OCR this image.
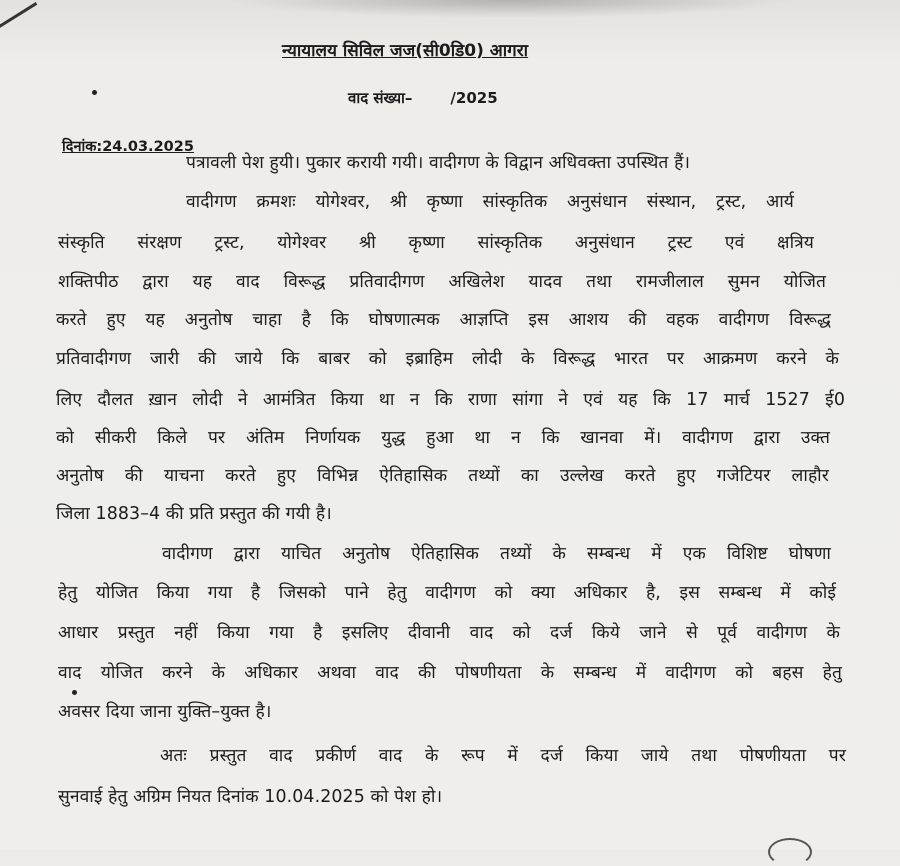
न्यायालय सिविल जज(सी0डि0) आगरा
वाद संख्या–	/2025
दिनांक:24.03.2025
पत्रावली पेश हुयी। पुकार करायी गयी। वादीगण के विद्वान अधिवक्ता उपस्थित हैं।
वादीगण क्रमशः योगेश्वर, श्री कृष्णा सांस्कृतिक अनुसंधान संस्थान, ट्रस्ट, आर्य
संस्कृति संरक्षण ट्रस्ट, योगेश्वर श्री कृष्णा सांस्कृतिक अनुसंधान ट्रस्ट एवं क्षत्रिय
शक्तिपीठ द्वारा यह वाद विरूद्ध प्रतिवादीगण अखिलेश यादव तथा रामजीलाल सुमन योजित
करते हुए यह अनुतोष चाहा है कि घोषणात्मक आज्ञप्ति इस आशय की वहक वादीगण विरूद्ध
प्रतिवादीगण जारी की जाये कि बाबर को इब्राहिम लोदी के विरूद्ध भारत पर आक्रमण करने के
लिए दौलत ख़ान लोदी ने आमंत्रित किया था न कि राणा सांगा ने एवं यह कि 17 मार्च 1527 ई0
को सीकरी किले पर अंतिम निर्णायक युद्ध हुआ था न कि खानवा में। वादीगण द्वारा उक्त
अनुतोष की याचना करते हुए विभिन्न ऐतिहासिक तथ्यों का उल्लेख करते हुए गजेटियर लाहौर
जिला 1883–4 की प्रति प्रस्तुत की गयी है।
वादीगण द्वारा याचित अनुतोष ऐतिहासिक तथ्यों के सम्बन्ध में एक विशिष्ट घोषणा
हेतु योजित किया गया है जिसको पाने हेतु वादीगण को क्या अधिकार है, इस सम्बन्ध में कोई
आधार प्रस्तुत नहीं किया गया है इसलिए दीवानी वाद को दर्ज किये जाने से पूर्व वादीगण के
वाद योजित करने के अधिकार अथवा वाद की पोषणीयता के सम्बन्ध में वादीगण को बहस हेतु
अवसर दिया जाना युक्ति–युक्त है।
अतः प्रस्तुत वाद प्रकीर्ण वाद के रूप में दर्ज किया जाये तथा पोषणीयता पर
सुनवाई हेतु अग्रिम नियत दिनांक 10.04.2025 को पेश हो।
